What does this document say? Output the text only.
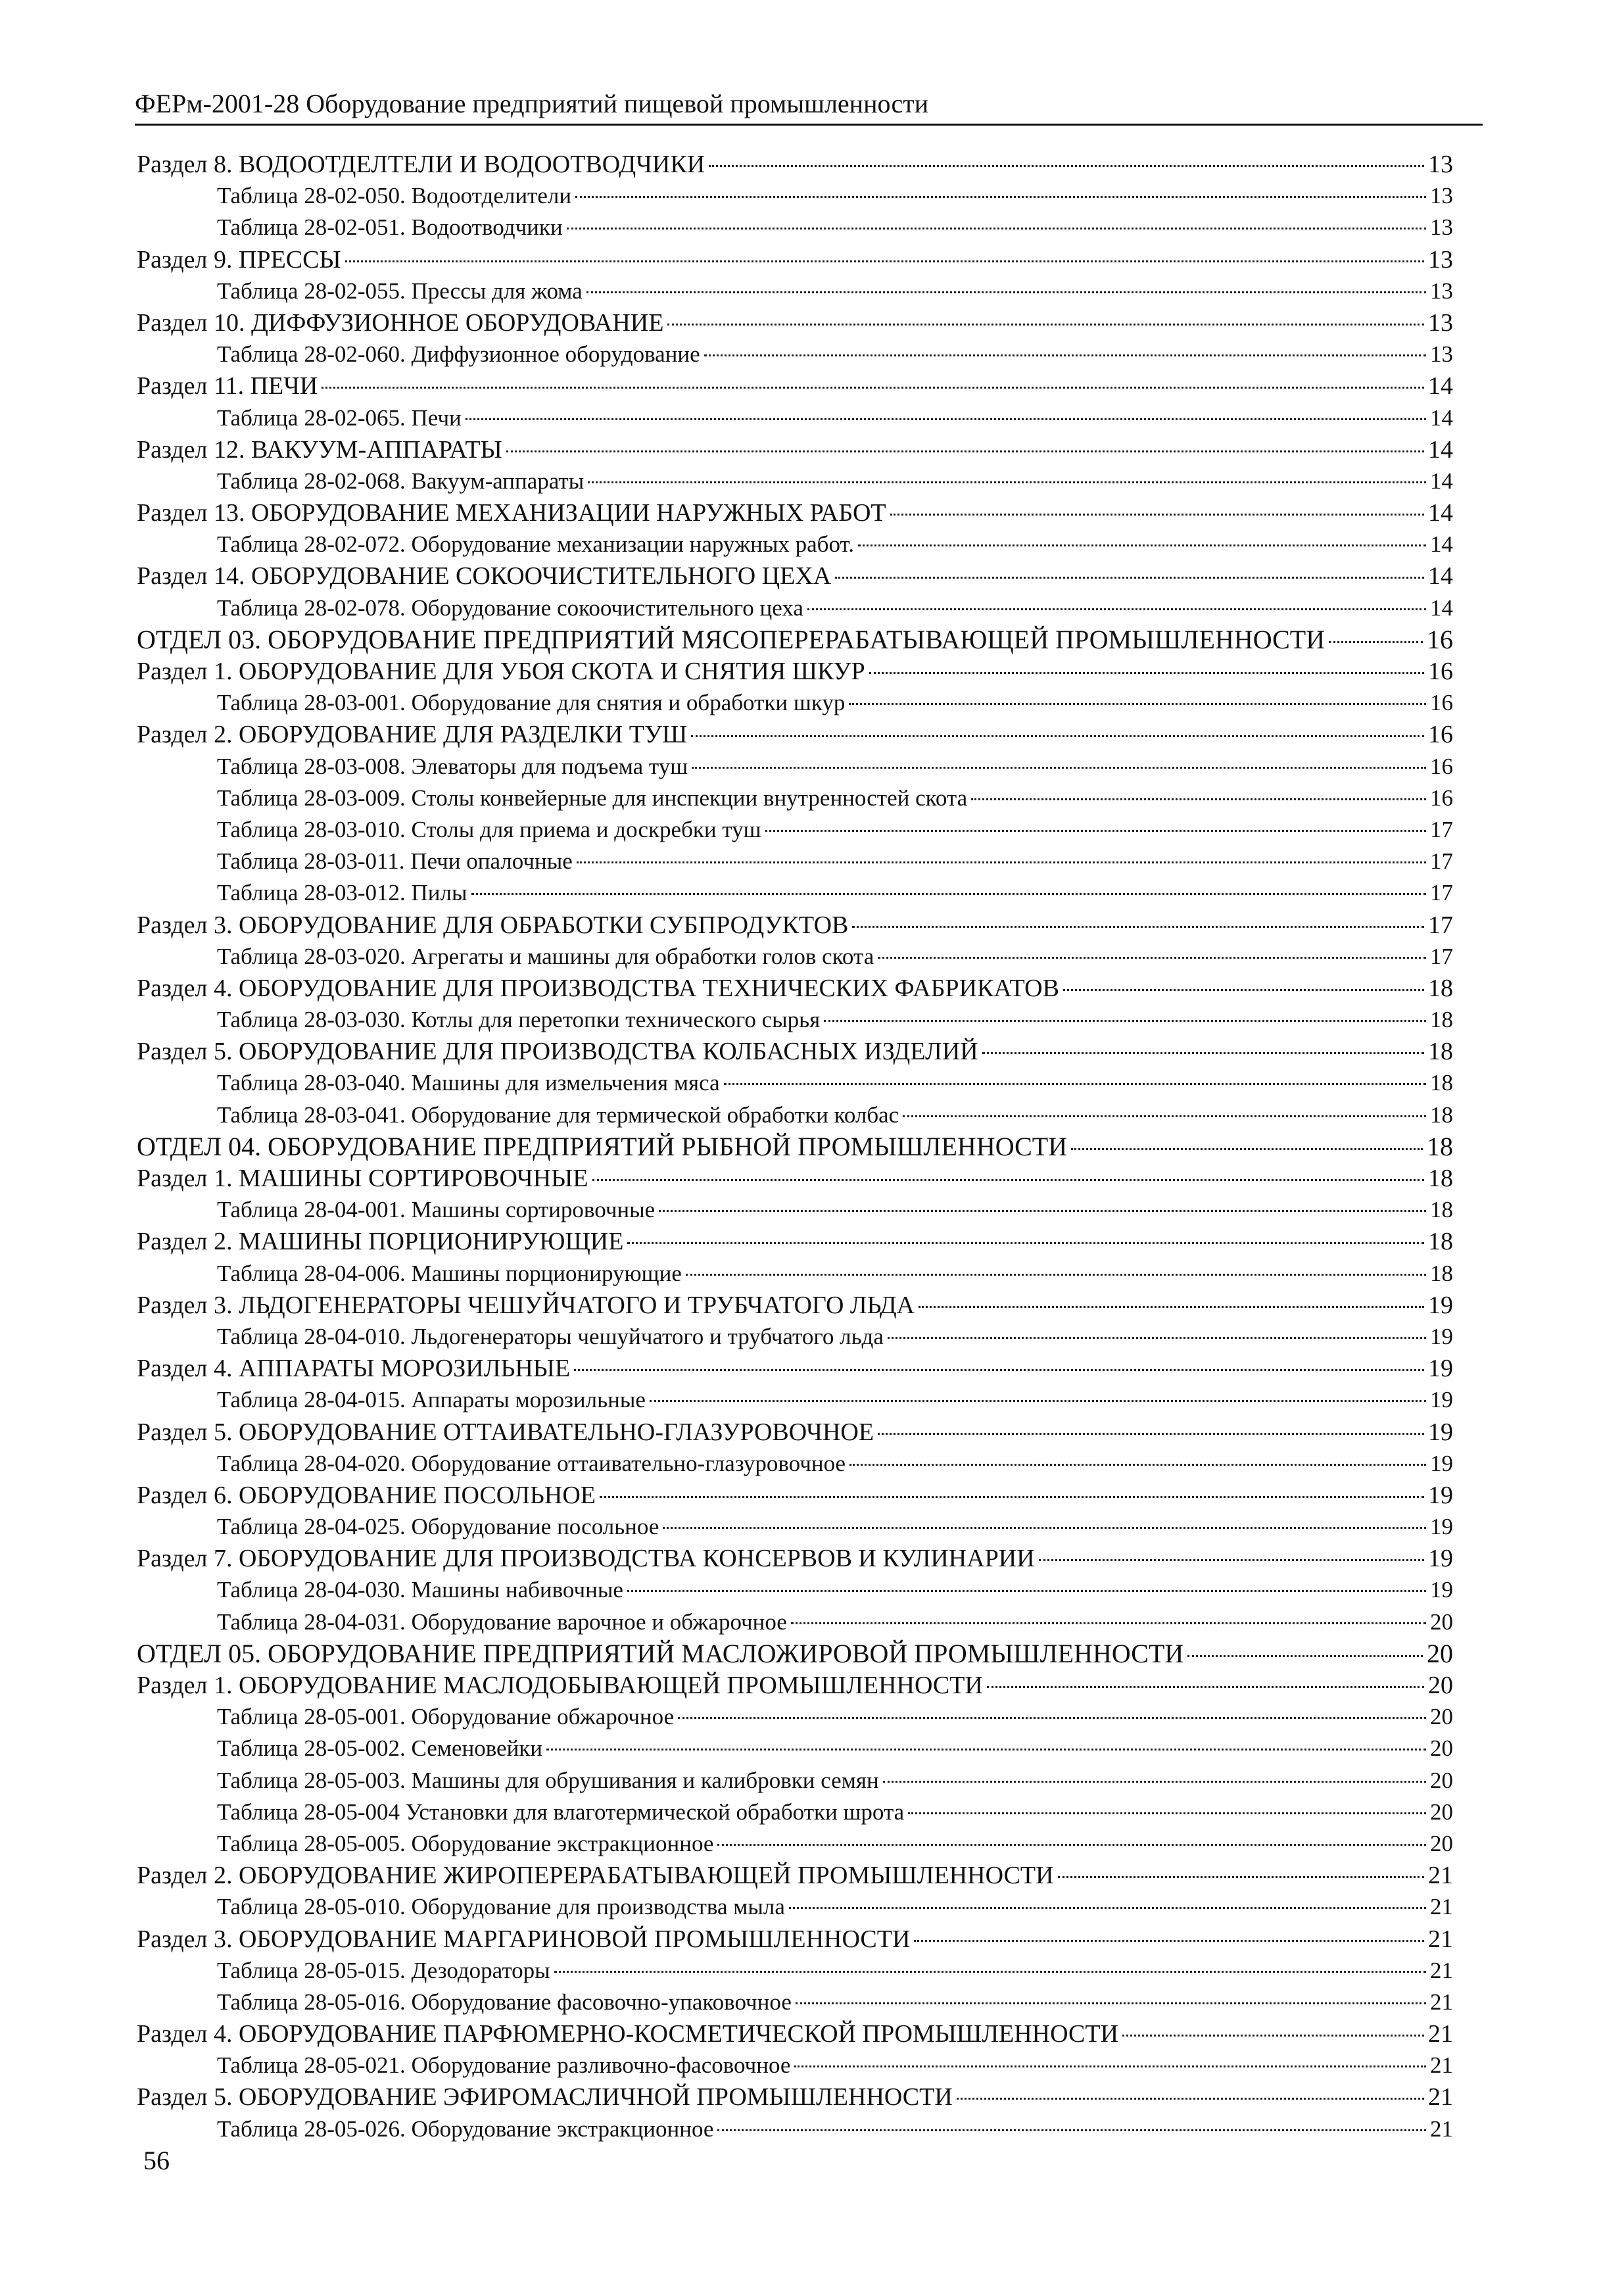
ФЕРм-2001-28 Оборудование предприятий пищевой промышленности
Раздел 8. ВОДООТДЕЛТЕЛИ И ВОДООТВОДЧИКИ	13
Таблица 28-02-050. Водоотделители	13
Таблица 28-02-051. Водоотводчики	13
Раздел 9. ПРЕССЫ	13
Таблица 28-02-055. Прессы для жома	13
Раздел 10. ДИФФУЗИОННОЕ ОБОРУДОВАНИЕ	13
Таблица 28-02-060. Диффузионное оборудование	13
Раздел 11. ПЕЧИ	14
Таблица 28-02-065. Печи	14
Раздел 12. ВАКУУМ-АППАРАТЫ	14
Таблица 28-02-068. Вакуум-аппараты	14
Раздел 13. ОБОРУДОВАНИЕ МЕХАНИЗАЦИИ НАРУЖНЫХ РАБОТ	14
Таблица 28-02-072. Оборудование механизации наружных работ.	14
Раздел 14. ОБОРУДОВАНИЕ СОКООЧИСТИТЕЛЬНОГО ЦЕХА	14
Таблица 28-02-078. Оборудование сокоочистительного цеха	14
ОТДЕЛ 03. ОБОРУДОВАНИЕ ПРЕДПРИЯТИЙ МЯСОПЕРЕРАБАТЫВАЮЩЕЙ ПРОМЫШЛЕННОСТИ	16
Раздел 1. ОБОРУДОВАНИЕ ДЛЯ УБОЯ СКОТА И СНЯТИЯ ШКУР	16
Таблица 28-03-001. Оборудование для снятия и обработки шкур	16
Раздел 2. ОБОРУДОВАНИЕ ДЛЯ РАЗДЕЛКИ ТУШ	16
Таблица 28-03-008. Элеваторы для подъема туш	16
Таблица 28-03-009. Столы конвейерные для инспекции внутренностей скота	16
Таблица 28-03-010. Столы для приема и доскребки туш	17
Таблица 28-03-011. Печи опалочные	17
Таблица 28-03-012. Пилы	17
Раздел 3. ОБОРУДОВАНИЕ ДЛЯ ОБРАБОТКИ СУБПРОДУКТОВ	17
Таблица 28-03-020. Агрегаты и машины для обработки голов скота	17
Раздел 4. ОБОРУДОВАНИЕ ДЛЯ ПРОИЗВОДСТВА ТЕХНИЧЕСКИХ ФАБРИКАТОВ	18
Таблица 28-03-030. Котлы для перетопки технического сырья	18
Раздел 5. ОБОРУДОВАНИЕ ДЛЯ ПРОИЗВОДСТВА КОЛБАСНЫХ ИЗДЕЛИЙ	18
Таблица 28-03-040. Машины для измельчения мяса	18
Таблица 28-03-041. Оборудование для термической обработки колбас	18
ОТДЕЛ 04. ОБОРУДОВАНИЕ ПРЕДПРИЯТИЙ РЫБНОЙ ПРОМЫШЛЕННОСТИ	18
Раздел 1. МАШИНЫ СОРТИРОВОЧНЫЕ	18
Таблица 28-04-001. Машины сортировочные	18
Раздел 2. МАШИНЫ ПОРЦИОНИРУЮЩИЕ	18
Таблица 28-04-006. Машины порционирующие	18
Раздел 3. ЛЬДОГЕНЕРАТОРЫ ЧЕШУЙЧАТОГО И ТРУБЧАТОГО ЛЬДА	19
Таблица 28-04-010. Льдогенераторы чешуйчатого и трубчатого льда	19
Раздел 4. АППАРАТЫ МОРОЗИЛЬНЫЕ	19
Таблица 28-04-015. Аппараты морозильные	19
Раздел 5. ОБОРУДОВАНИЕ ОТТАИВАТЕЛЬНО-ГЛАЗУРОВОЧНОЕ	19
Таблица 28-04-020. Оборудование оттаивательно-глазуровочное	19
Раздел 6. ОБОРУДОВАНИЕ ПОСОЛЬНОЕ	19
Таблица 28-04-025. Оборудование посольное	19
Раздел 7. ОБОРУДОВАНИЕ ДЛЯ ПРОИЗВОДСТВА КОНСЕРВОВ И КУЛИНАРИИ	19
Таблица 28-04-030. Машины набивочные	19
Таблица 28-04-031. Оборудование варочное и обжарочное	20
ОТДЕЛ 05. ОБОРУДОВАНИЕ ПРЕДПРИЯТИЙ МАСЛОЖИРОВОЙ ПРОМЫШЛЕННОСТИ	20
Раздел 1. ОБОРУДОВАНИЕ МАСЛОДОБЫВАЮЩЕЙ ПРОМЫШЛЕННОСТИ	20
Таблица 28-05-001. Оборудование обжарочное	20
Таблица 28-05-002. Семеновейки	20
Таблица 28-05-003. Машины для обрушивания и калибровки семян	20
Таблица 28-05-004 Установки для влаготермической обработки шрота	20
Таблица 28-05-005. Оборудование экстракционное	20
Раздел 2. ОБОРУДОВАНИЕ ЖИРОПЕРЕРАБАТЫВАЮЩЕЙ ПРОМЫШЛЕННОСТИ	21
Таблица 28-05-010. Оборудование для производства мыла	21
Раздел 3. ОБОРУДОВАНИЕ МАРГАРИНОВОЙ ПРОМЫШЛЕННОСТИ	21
Таблица 28-05-015. Дезодораторы	21
Таблица 28-05-016. Оборудование фасовочно-упаковочное	21
Раздел 4. ОБОРУДОВАНИЕ ПАРФЮМЕРНО-КОСМЕТИЧЕСКОЙ ПРОМЫШЛЕННОСТИ	21
Таблица 28-05-021. Оборудование разливочно-фасовочное	21
Раздел 5. ОБОРУДОВАНИЕ ЭФИРОМАСЛИЧНОЙ ПРОМЫШЛЕННОСТИ	21
Таблица 28-05-026. Оборудование экстракционное	21
56
